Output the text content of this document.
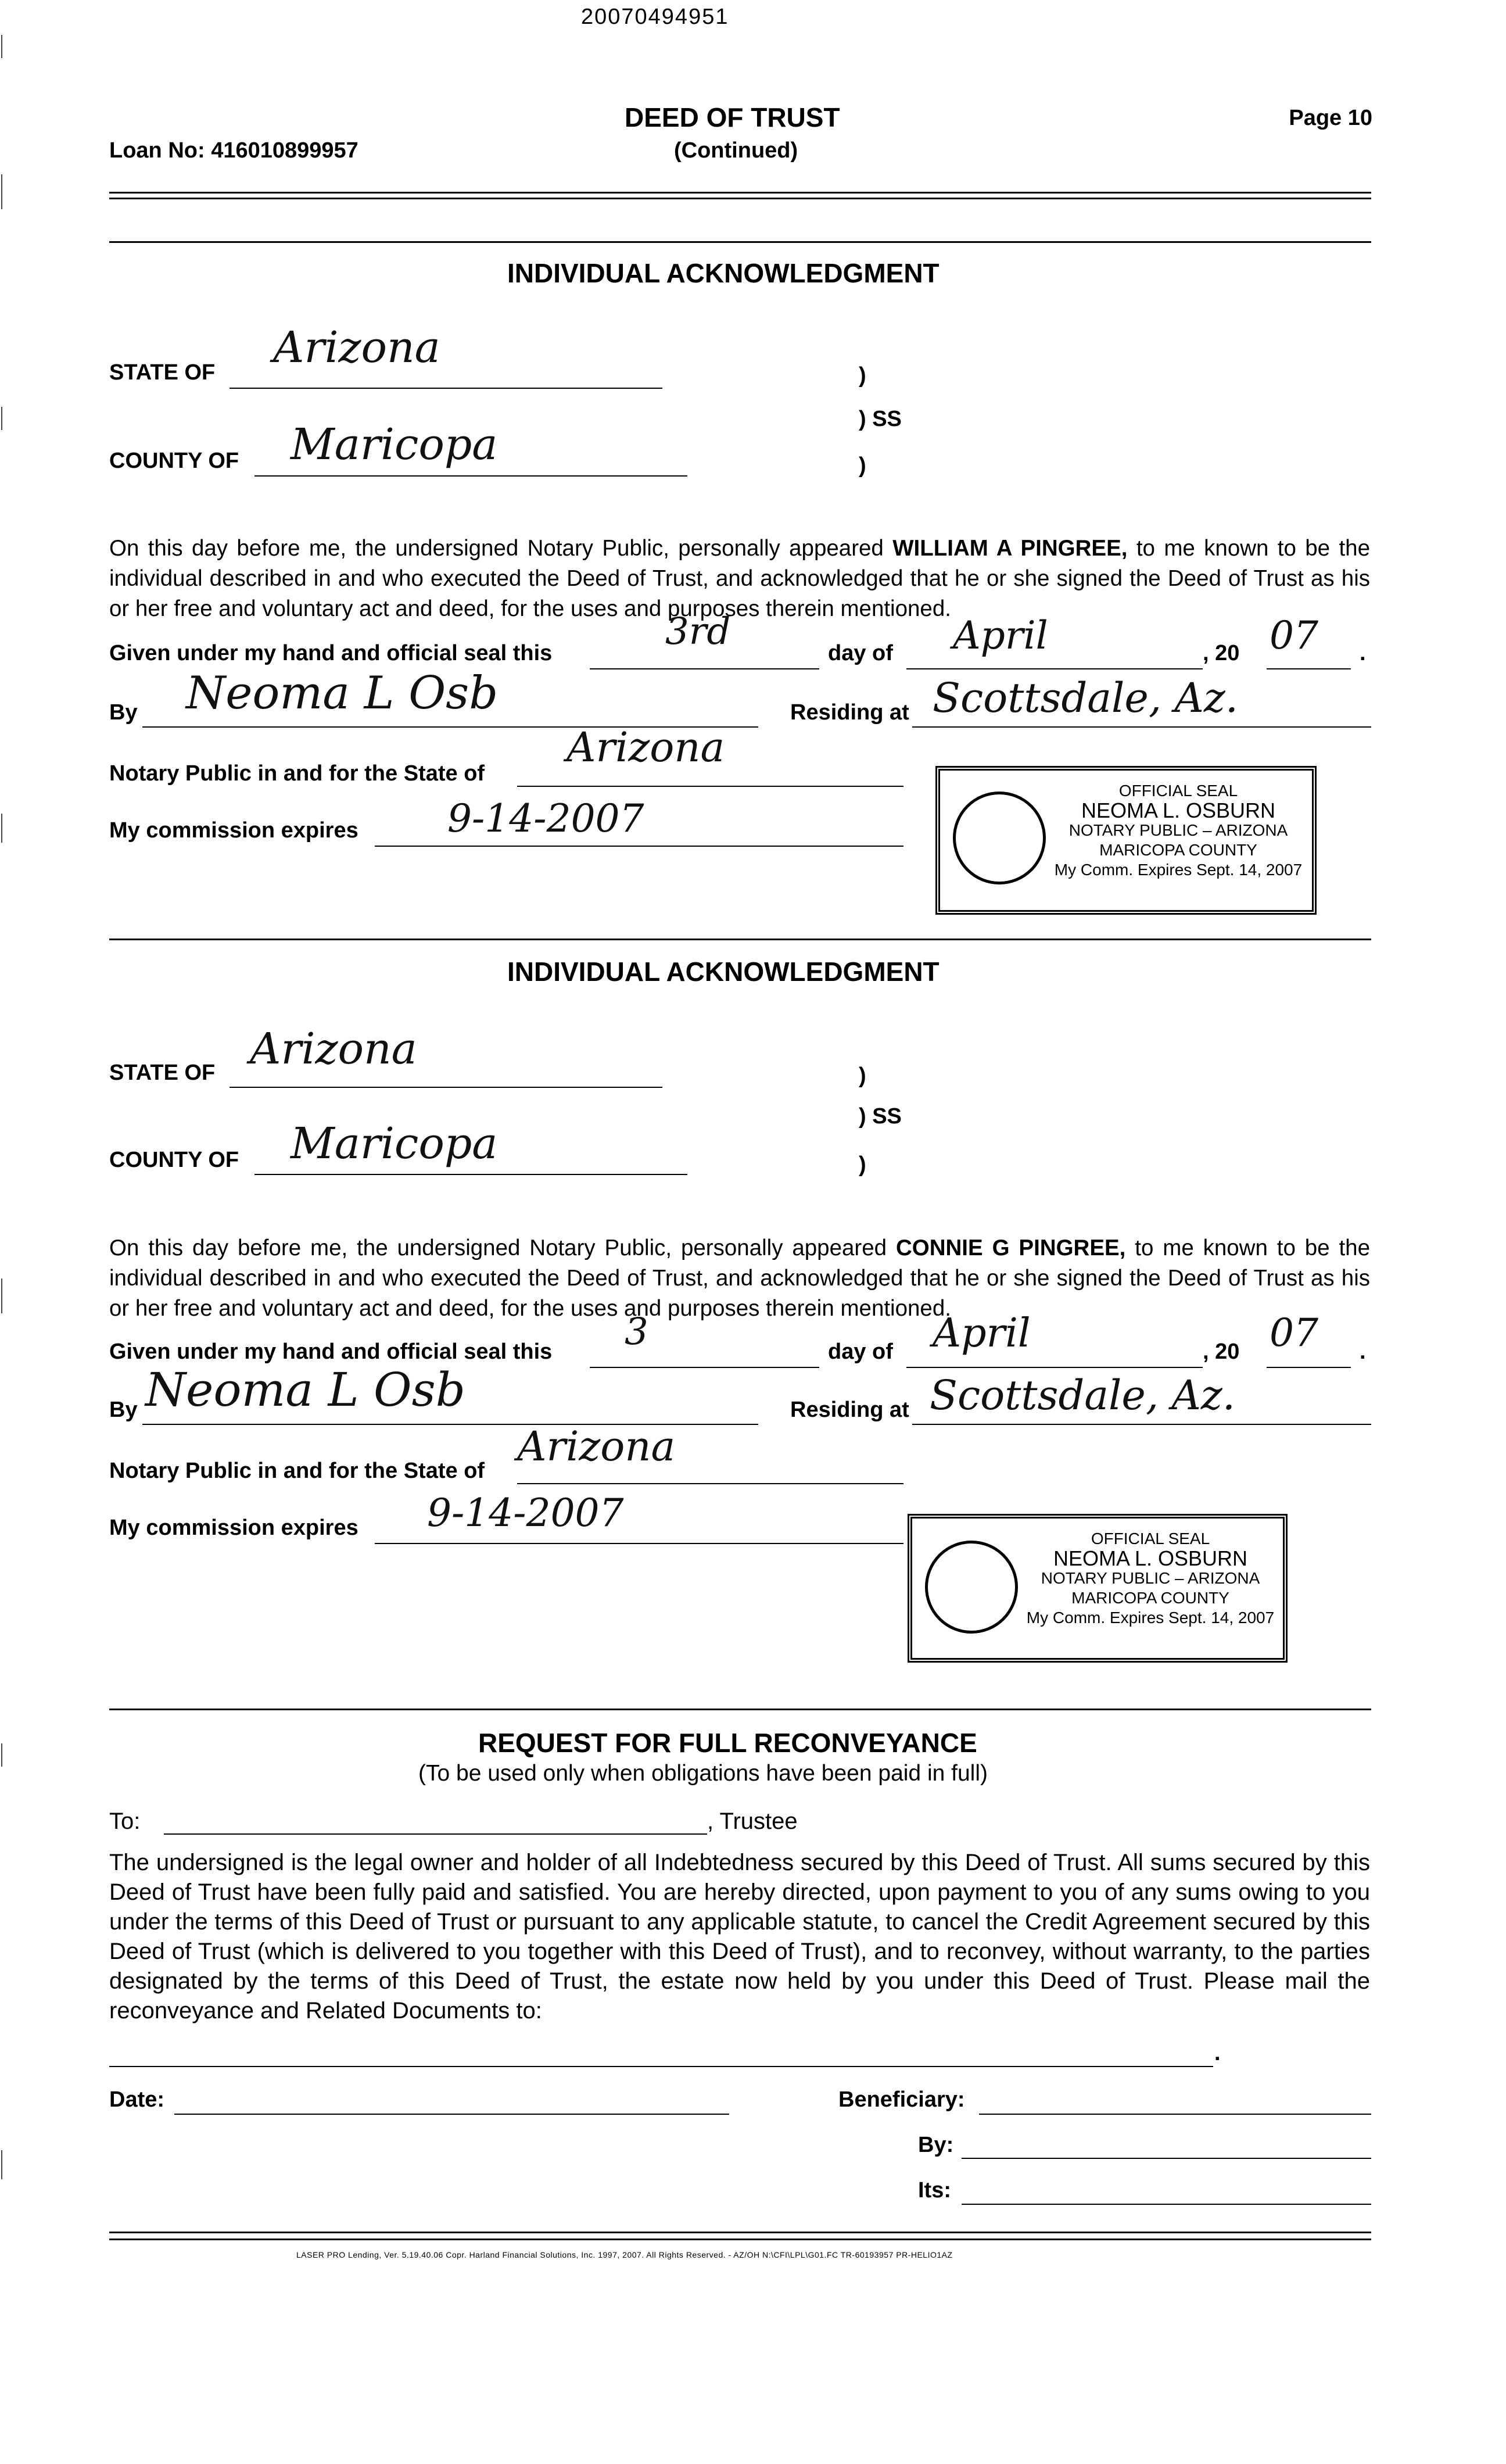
20070494951
DEED OF TRUST
(Continued)
Page 10
Loan No: 416010899957
INDIVIDUAL ACKNOWLEDGMENT
STATE OF Arizona
)
) SS
)
COUNTY OF Maricopa
On this day before me, the undersigned Notary Public, personally appeared WILLIAM A PINGREE, to me known to be the individual described in and who executed the Deed of Trust, and acknowledged that he or she signed the Deed of Trust as his or her free and voluntary act and deed, for the uses and purposes therein mentioned.
Given under my hand and official seal this	3rd	day of April	, 20 07 .
By Neoma L Osb	Residing at Scottsdale, Az.
Notary Public in and for the State of
Arizona
My commission expires 9-14-2007
OFFICIAL SEAL
NEOMA L. OSBURN
NOTARY PUBLIC – ARIZONA
MARICOPA COUNTY
My Comm. Expires Sept. 14, 2007
INDIVIDUAL ACKNOWLEDGMENT
STATE OF Arizona
)
) SS
)
COUNTY OF Maricopa
On this day before me, the undersigned Notary Public, personally appeared CONNIE G PINGREE, to me known to be the individual described in and who executed the Deed of Trust, and acknowledged that he or she signed the Deed of Trust as his or her free and voluntary act and deed, for the uses and purposes therein mentioned.
Given under my hand and official seal this 3	day of April	, 20 07 .
By Neoma L Osb	Residing at Scottsdale, Az.
Notary Public in and for the State of
Arizona
My commission expires 9-14-2007
OFFICIAL SEAL
NEOMA L. OSBURN
NOTARY PUBLIC – ARIZONA
MARICOPA COUNTY
My Comm. Expires Sept. 14, 2007
REQUEST FOR FULL RECONVEYANCE
(To be used only when obligations have been paid in full)
To:	, Trustee
The undersigned is the legal owner and holder of all Indebtedness secured by this Deed of Trust. All sums secured by this Deed of Trust have been fully paid and satisfied. You are hereby directed, upon payment to you of any sums owing to you under the terms of this Deed of Trust or pursuant to any applicable statute, to cancel the Credit Agreement secured by this Deed of Trust (which is delivered to you together with this Deed of Trust), and to reconvey, without warranty, to the parties designated by the terms of this Deed of Trust, the estate now held by you under this Deed of Trust. Please mail the reconveyance and Related Documents to:
.
Date:	Beneficiary:
By:
Its:
LASER PRO Lending, Ver. 5.19.40.06 Copr. Harland Financial Solutions, Inc. 1997, 2007. All Rights Reserved. - AZ/OH N:\CFI\LPL\G01.FC TR-60193957 PR-HELIO1AZ
